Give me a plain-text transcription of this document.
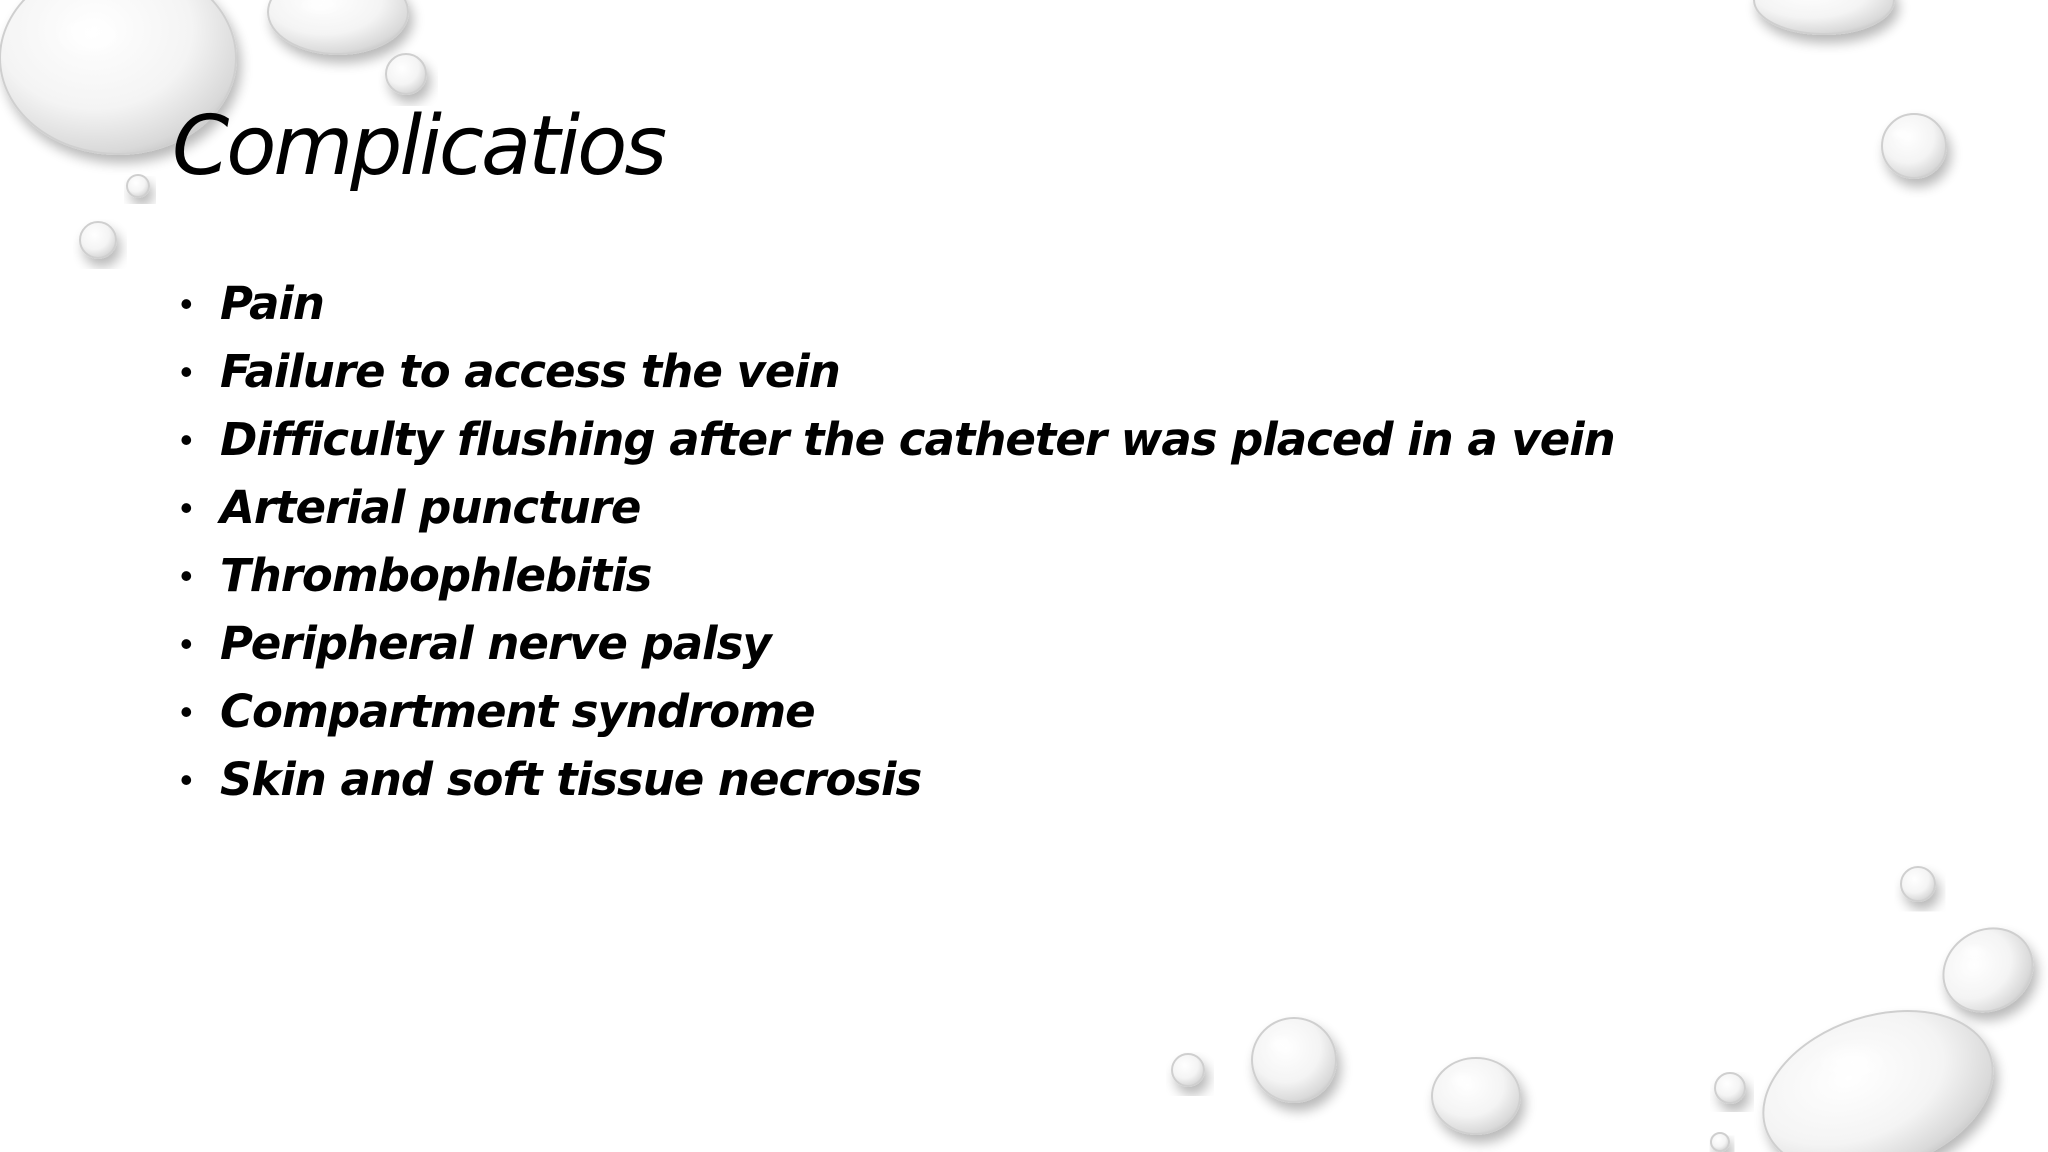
Complicatios
• Pain
• Failure to access the vein
• Difficulty flushing after the catheter was placed in a vein
• Arterial puncture
• Thrombophlebitis
• Peripheral nerve palsy
• Compartment syndrome
• Skin and soft tissue necrosis
